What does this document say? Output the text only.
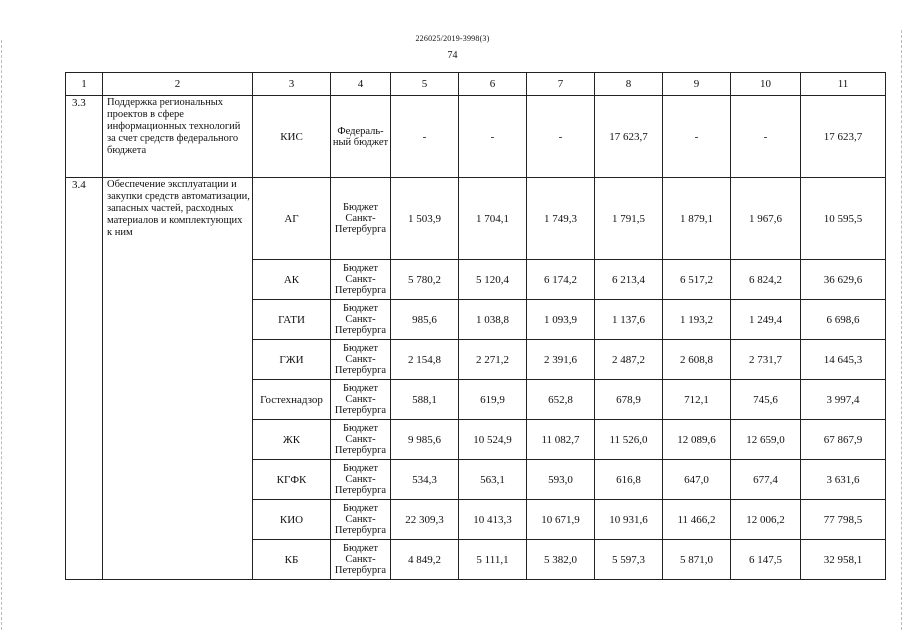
226025/2019-3998(3)
74
1	2	3	4	5	6	7	8	9	10	11
3.3	Поддержка региональных проектов в сфере информационных технологий за счет средств федерального бюджета	КИС	Федераль-ный бюджет	-	-	-	17 623,7	-	-	17 623,7
3.4	Обеспечение эксплуатации и закупки средств автоматизации, запасных частей, расходных материалов и комплектующих к ним	АГ	Бюджет Санкт-Петербурга	1 503,9	1 704,1	1 749,3	1 791,5	1 879,1	1 967,6	10 595,5
		АК	Бюджет Санкт-Петербурга	5 780,2	5 120,4	6 174,2	6 213,4	6 517,2	6 824,2	36 629,6
		ГАТИ	Бюджет Санкт-Петербурга	985,6	1 038,8	1 093,9	1 137,6	1 193,2	1 249,4	6 698,6
		ГЖИ	Бюджет Санкт-Петербурга	2 154,8	2 271,2	2 391,6	2 487,2	2 608,8	2 731,7	14 645,3
		Гостехнадзор	Бюджет Санкт-Петербурга	588,1	619,9	652,8	678,9	712,1	745,6	3 997,4
		ЖК	Бюджет Санкт-Петербурга	9 985,6	10 524,9	11 082,7	11 526,0	12 089,6	12 659,0	67 867,9
		КГФК	Бюджет Санкт-Петербурга	534,3	563,1	593,0	616,8	647,0	677,4	3 631,6
		КИО	Бюджет Санкт-Петербурга	22 309,3	10 413,3	10 671,9	10 931,6	11 466,2	12 006,2	77 798,5
		КБ	Бюджет Санкт-Петербурга	4 849,2	5 111,1	5 382,0	5 597,3	5 871,0	6 147,5	32 958,1
